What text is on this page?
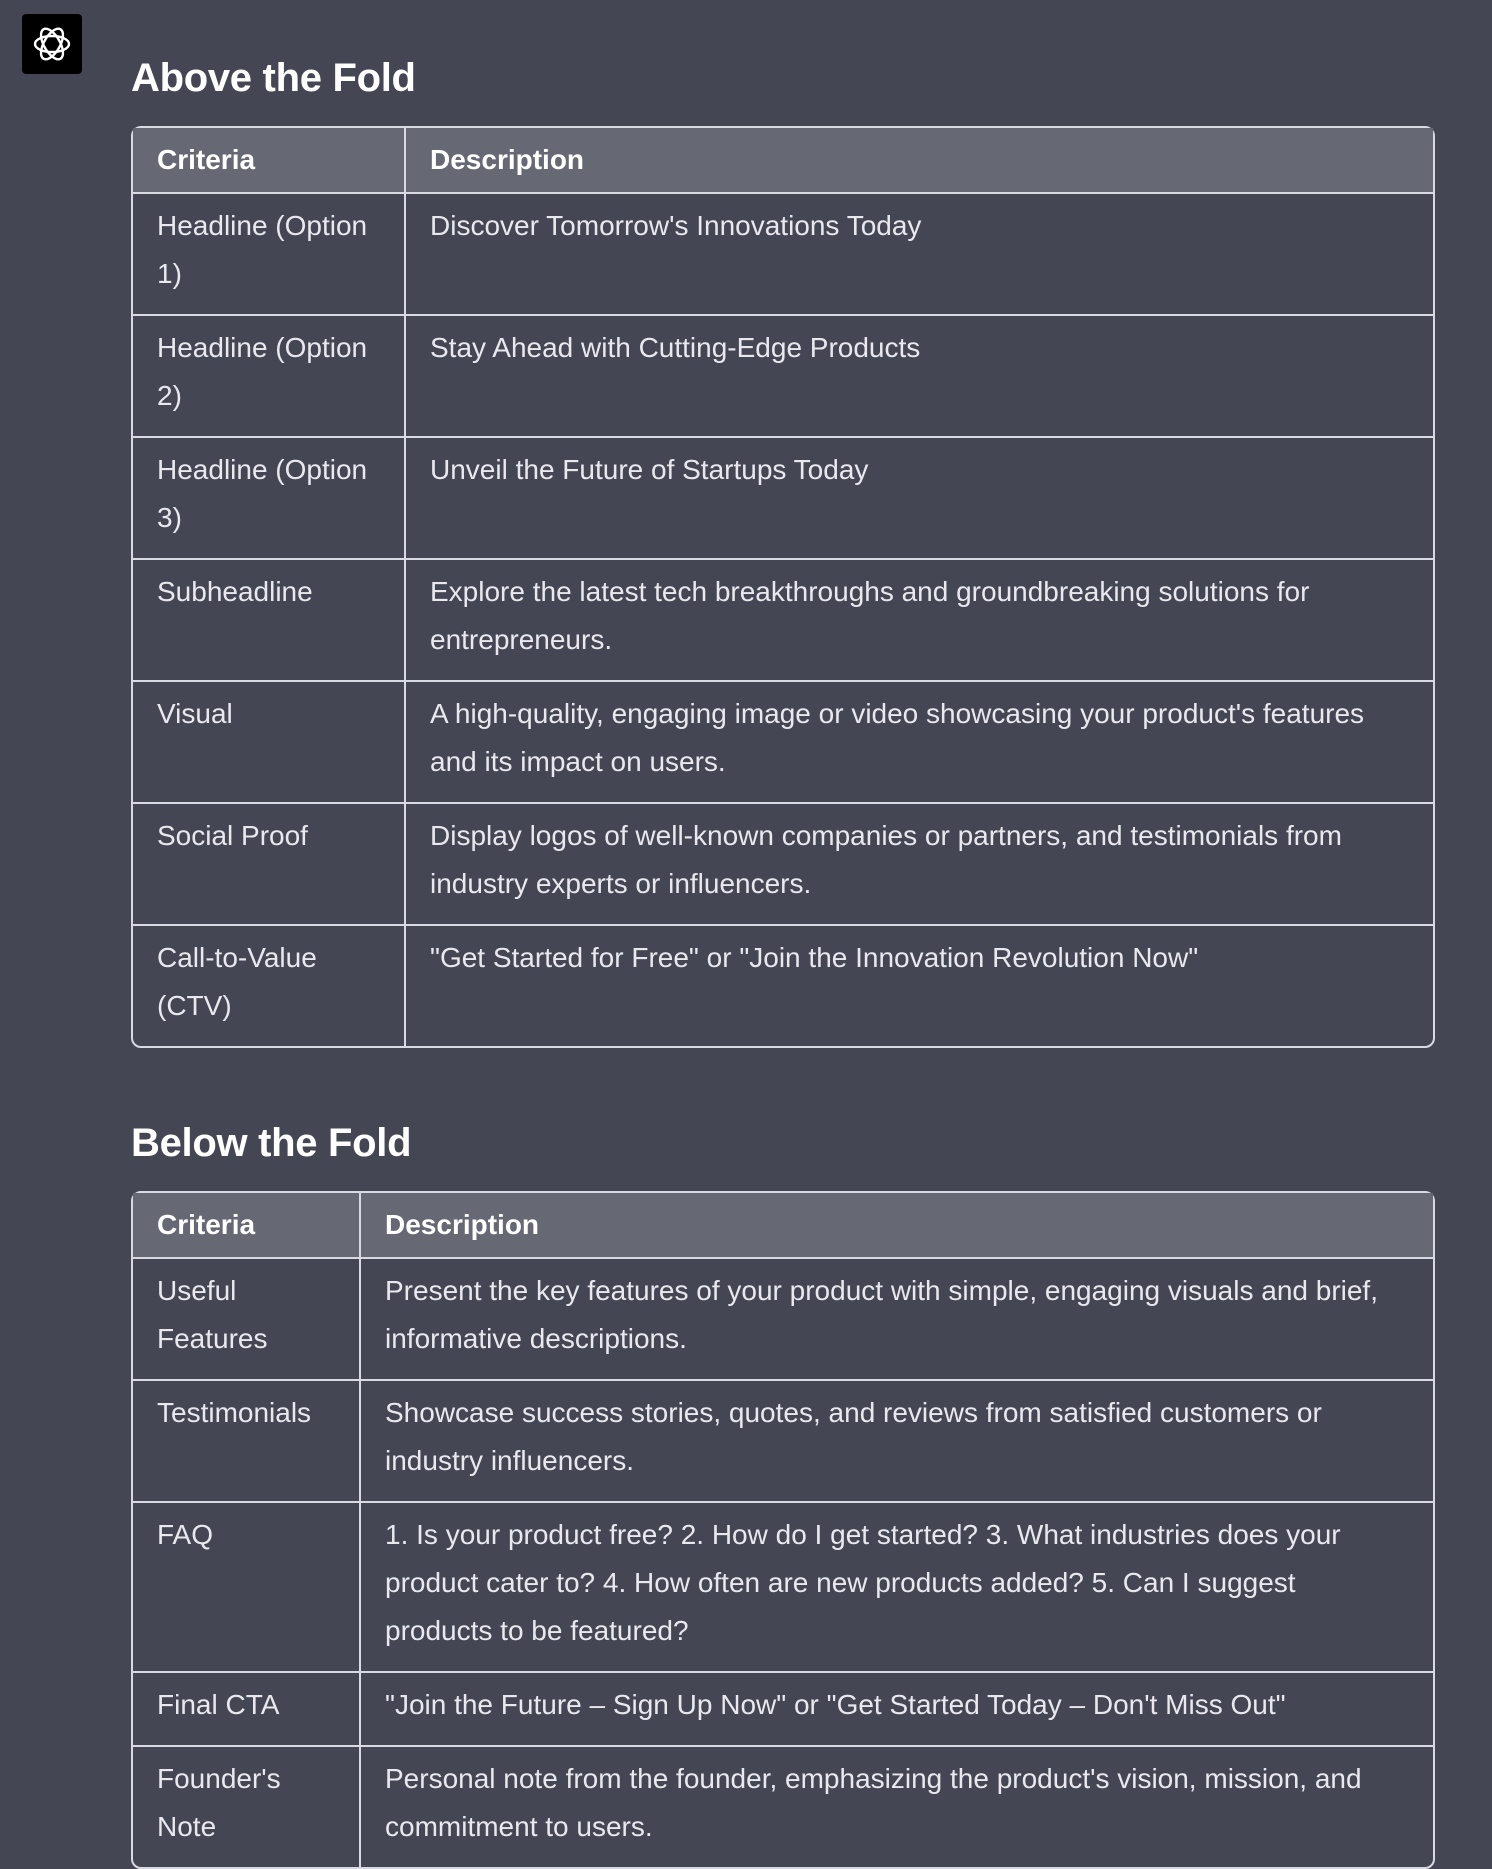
Above the Fold
Criteria	Description
Headline (Option 1)	Discover Tomorrow's Innovations Today
Headline (Option 2)	Stay Ahead with Cutting-Edge Products
Headline (Option 3)	Unveil the Future of Startups Today
Subheadline	Explore the latest tech breakthroughs and groundbreaking solutions for entrepreneurs.
Visual	A high-quality, engaging image or video showcasing your product's features and its impact on users.
Social Proof	Display logos of well-known companies or partners, and testimonials from industry experts or influencers.
Call-to-Value (CTV)	"Get Started for Free" or "Join the Innovation Revolution Now"
Below the Fold
Criteria	Description
Useful Features	Present the key features of your product with simple, engaging visuals and brief, informative descriptions.
Testimonials	Showcase success stories, quotes, and reviews from satisfied customers or industry influencers.
FAQ	1. Is your product free? 2. How do I get started? 3. What industries does your product cater to? 4. How often are new products added? 5. Can I suggest products to be featured?
Final CTA	"Join the Future – Sign Up Now" or "Get Started Today – Don't Miss Out"
Founder's Note	Personal note from the founder, emphasizing the product's vision, mission, and commitment to users.
